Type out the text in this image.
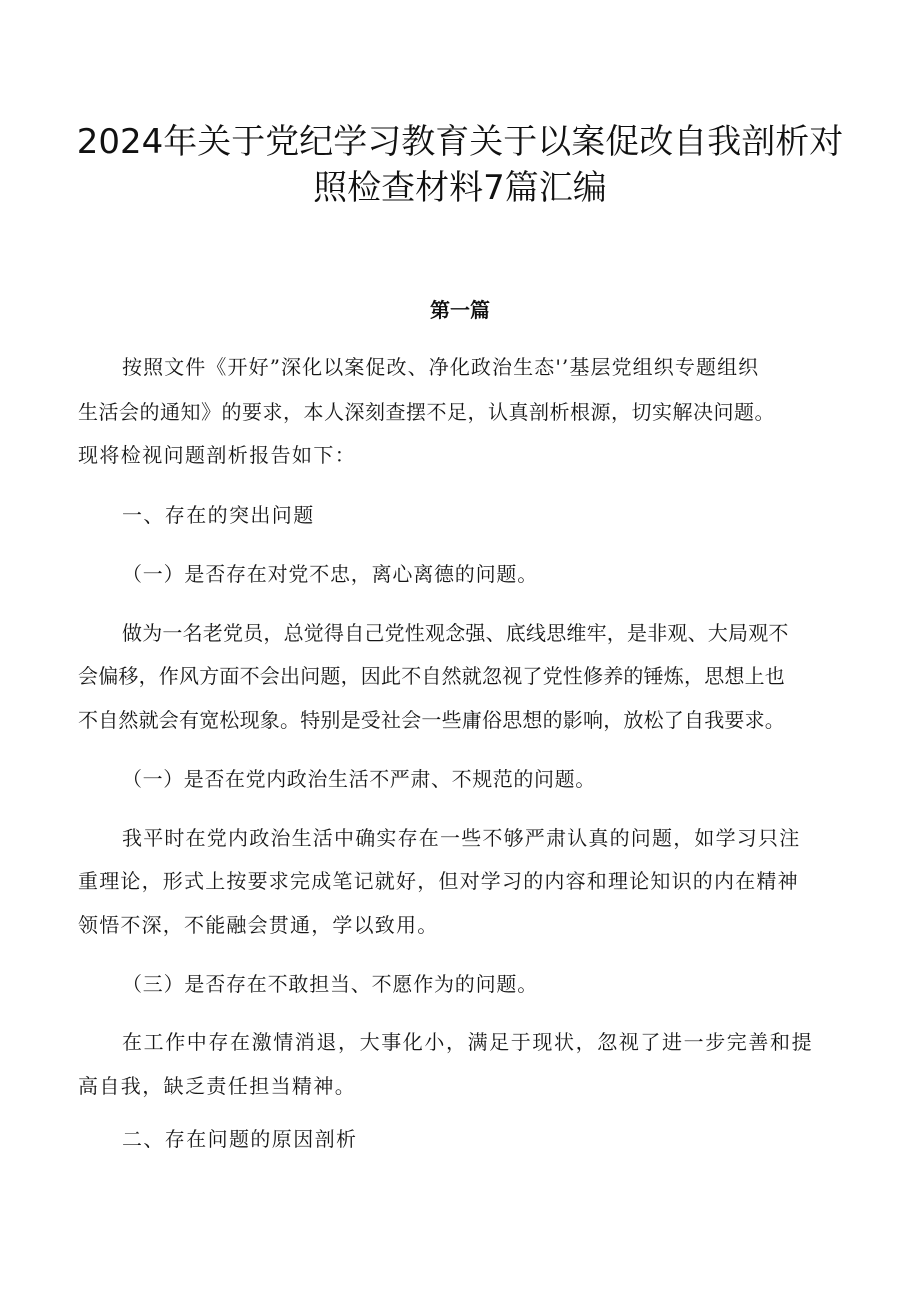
2024年关于党纪学习教育关于以案促改自我剖析对
照检查材料7篇汇编
第一篇
按照文件《开好”深化以案促改、净化政治生态'’基层党组织专题组织
生活会的通知》的要求，本人深刻查摆不足，认真剖析根源，切实解决问题。
现将检视问题剖析报告如下：
一、存在的突出问题
（一）是否存在对党不忠，离心离德的问题。
做为一名老党员，总觉得自己党性观念强、底线思维牢，是非观、大局观不
会偏移，作风方面不会出问题，因此不自然就忽视了党性修养的锤炼，思想上也
不自然就会有宽松现象。特别是受社会一些庸俗思想的影响，放松了自我要求。
（一）是否在党内政治生活不严肃、不规范的问题。
我平时在党内政治生活中确实存在一些不够严肃认真的问题，如学习只注
重理论，形式上按要求完成笔记就好，但对学习的内容和理论知识的内在精神
领悟不深，不能融会贯通，学以致用。
（三）是否存在不敢担当、不愿作为的问题。
在工作中存在激情消退，大事化小，满足于现状，忽视了进一步完善和提
高自我，缺乏责任担当精神。
二、存在问题的原因剖析
